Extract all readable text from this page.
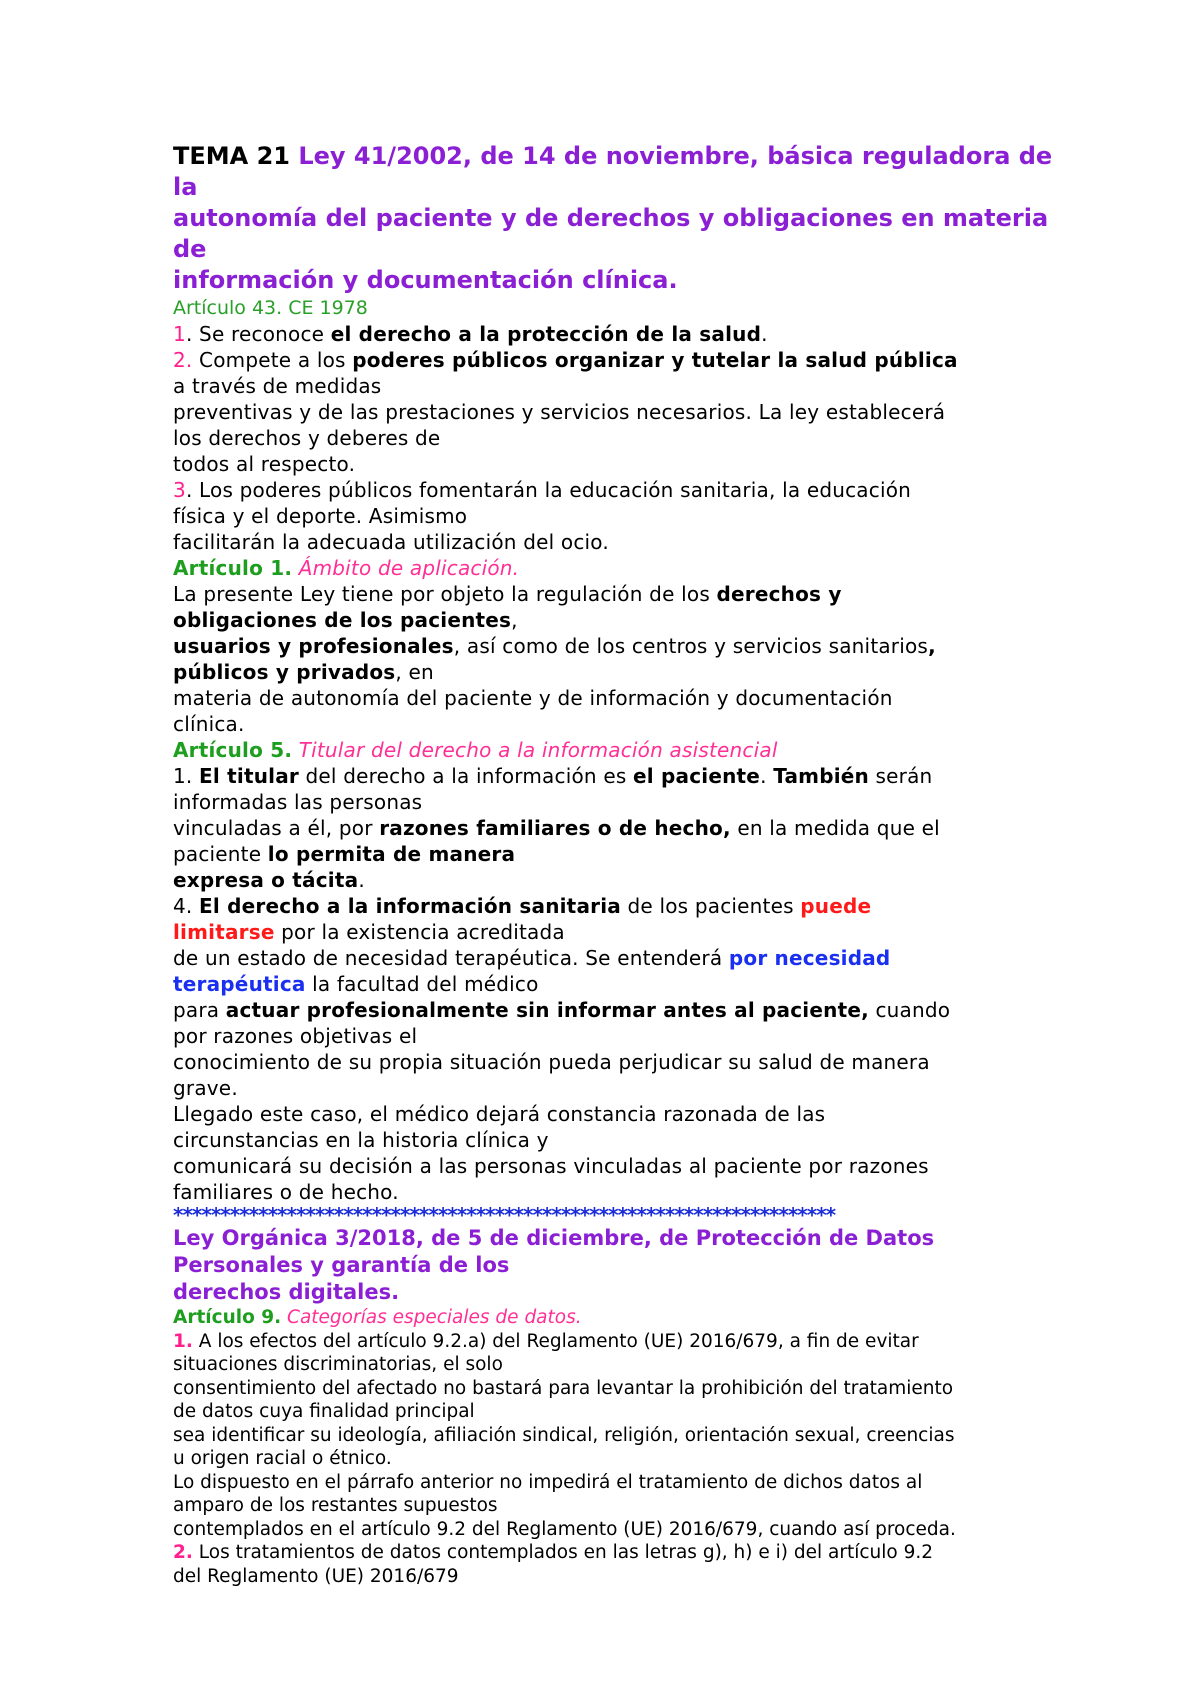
TEMA 21 Ley 41/2002, de 14 de noviembre, básica reguladora de la
autonomía del paciente y de derechos y obligaciones en materia de
información y documentación clínica.

Artículo 43. CE 1978

1. Se reconoce el derecho a la protección de la salud.

2. Compete a los poderes públicos organizar y tutelar la salud pública
a través de medidas
preventivas y de las prestaciones y servicios necesarios. La ley establecerá
los derechos y deberes de
todos al respecto.

3. Los poderes públicos fomentarán la educación sanitaria, la educación
física y el deporte. Asimismo
facilitarán la adecuada utilización del ocio.

Artículo 1. Ámbito de aplicación.

La presente Ley tiene por objeto la regulación de los derechos y
obligaciones de los pacientes,
usuarios y profesionales, así como de los centros y servicios sanitarios,
públicos y privados, en
materia de autonomía del paciente y de información y documentación
clínica.

Artículo 5. Titular del derecho a la información asistencial

1. El titular del derecho a la información es el paciente. También serán
informadas las personas
vinculadas a él, por razones familiares o de hecho, en la medida que el
paciente lo permita de manera
expresa o tácita.

4. El derecho a la información sanitaria de los pacientes puede
limitarse por la existencia acreditada
de un estado de necesidad terapéutica. Se entenderá por necesidad
terapéutica la facultad del médico
para actuar profesionalmente sin informar antes al paciente, cuando
por razones objetivas el
conocimiento de su propia situación pueda perjudicar su salud de manera
grave.
Llegado este caso, el médico dejará constancia razonada de las
circunstancias en la historia clínica y
comunicará su decisión a las personas vinculadas al paciente por razones
familiares o de hecho.

**********************************************************************

Ley Orgánica 3/2018, de 5 de diciembre, de Protección de Datos
Personales y garantía de los
derechos digitales.

Artículo 9. Categorías especiales de datos.

1. A los efectos del artículo 9.2.a) del Reglamento (UE) 2016/679, a fin de evitar
situaciones discriminatorias, el solo
consentimiento del afectado no bastará para levantar la prohibición del tratamiento
de datos cuya finalidad principal
sea identificar su ideología, afiliación sindical, religión, orientación sexual, creencias
u origen racial o étnico.
Lo dispuesto en el párrafo anterior no impedirá el tratamiento de dichos datos al
amparo de los restantes supuestos
contemplados en el artículo 9.2 del Reglamento (UE) 2016/679, cuando así proceda.

2. Los tratamientos de datos contemplados en las letras g), h) e i) del artículo 9.2
del Reglamento (UE) 2016/679
